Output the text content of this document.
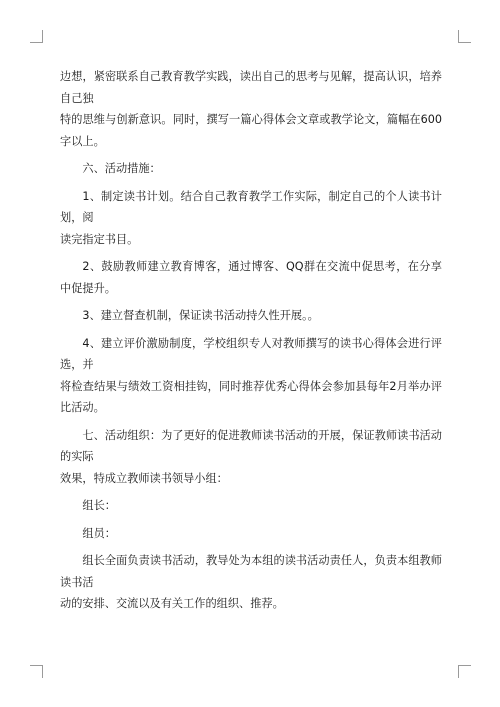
边想，紧密联系自己教育教学实践，读出自己的思考与见解，提高认识，培养自己独
特的思维与创新意识。同时，撰写一篇心得体会文章或教学论文，篇幅在600字以上。

六、活动措施：

1、制定读书计划。结合自己教育教学工作实际，制定自己的个人读书计划，阅
读完指定书目。

2、鼓励教师建立教育博客，通过博客、QQ群在交流中促思考，在分享中促提升。

3、建立督查机制，保证读书活动持久性开展。。

4、建立评价激励制度，学校组织专人对教师撰写的读书心得体会进行评选，并
将检查结果与绩效工资相挂钩，同时推荐优秀心得体会参加县每年2月举办评比活动。

七、活动组织：为了更好的促进教师读书活动的开展，保证教师读书活动的实际
效果，特成立教师读书领导小组：

组长：

组员：

组长全面负责读书活动，教导处为本组的读书活动责任人，负责本组教师读书活
动的安排、交流以及有关工作的组织、推荐。
